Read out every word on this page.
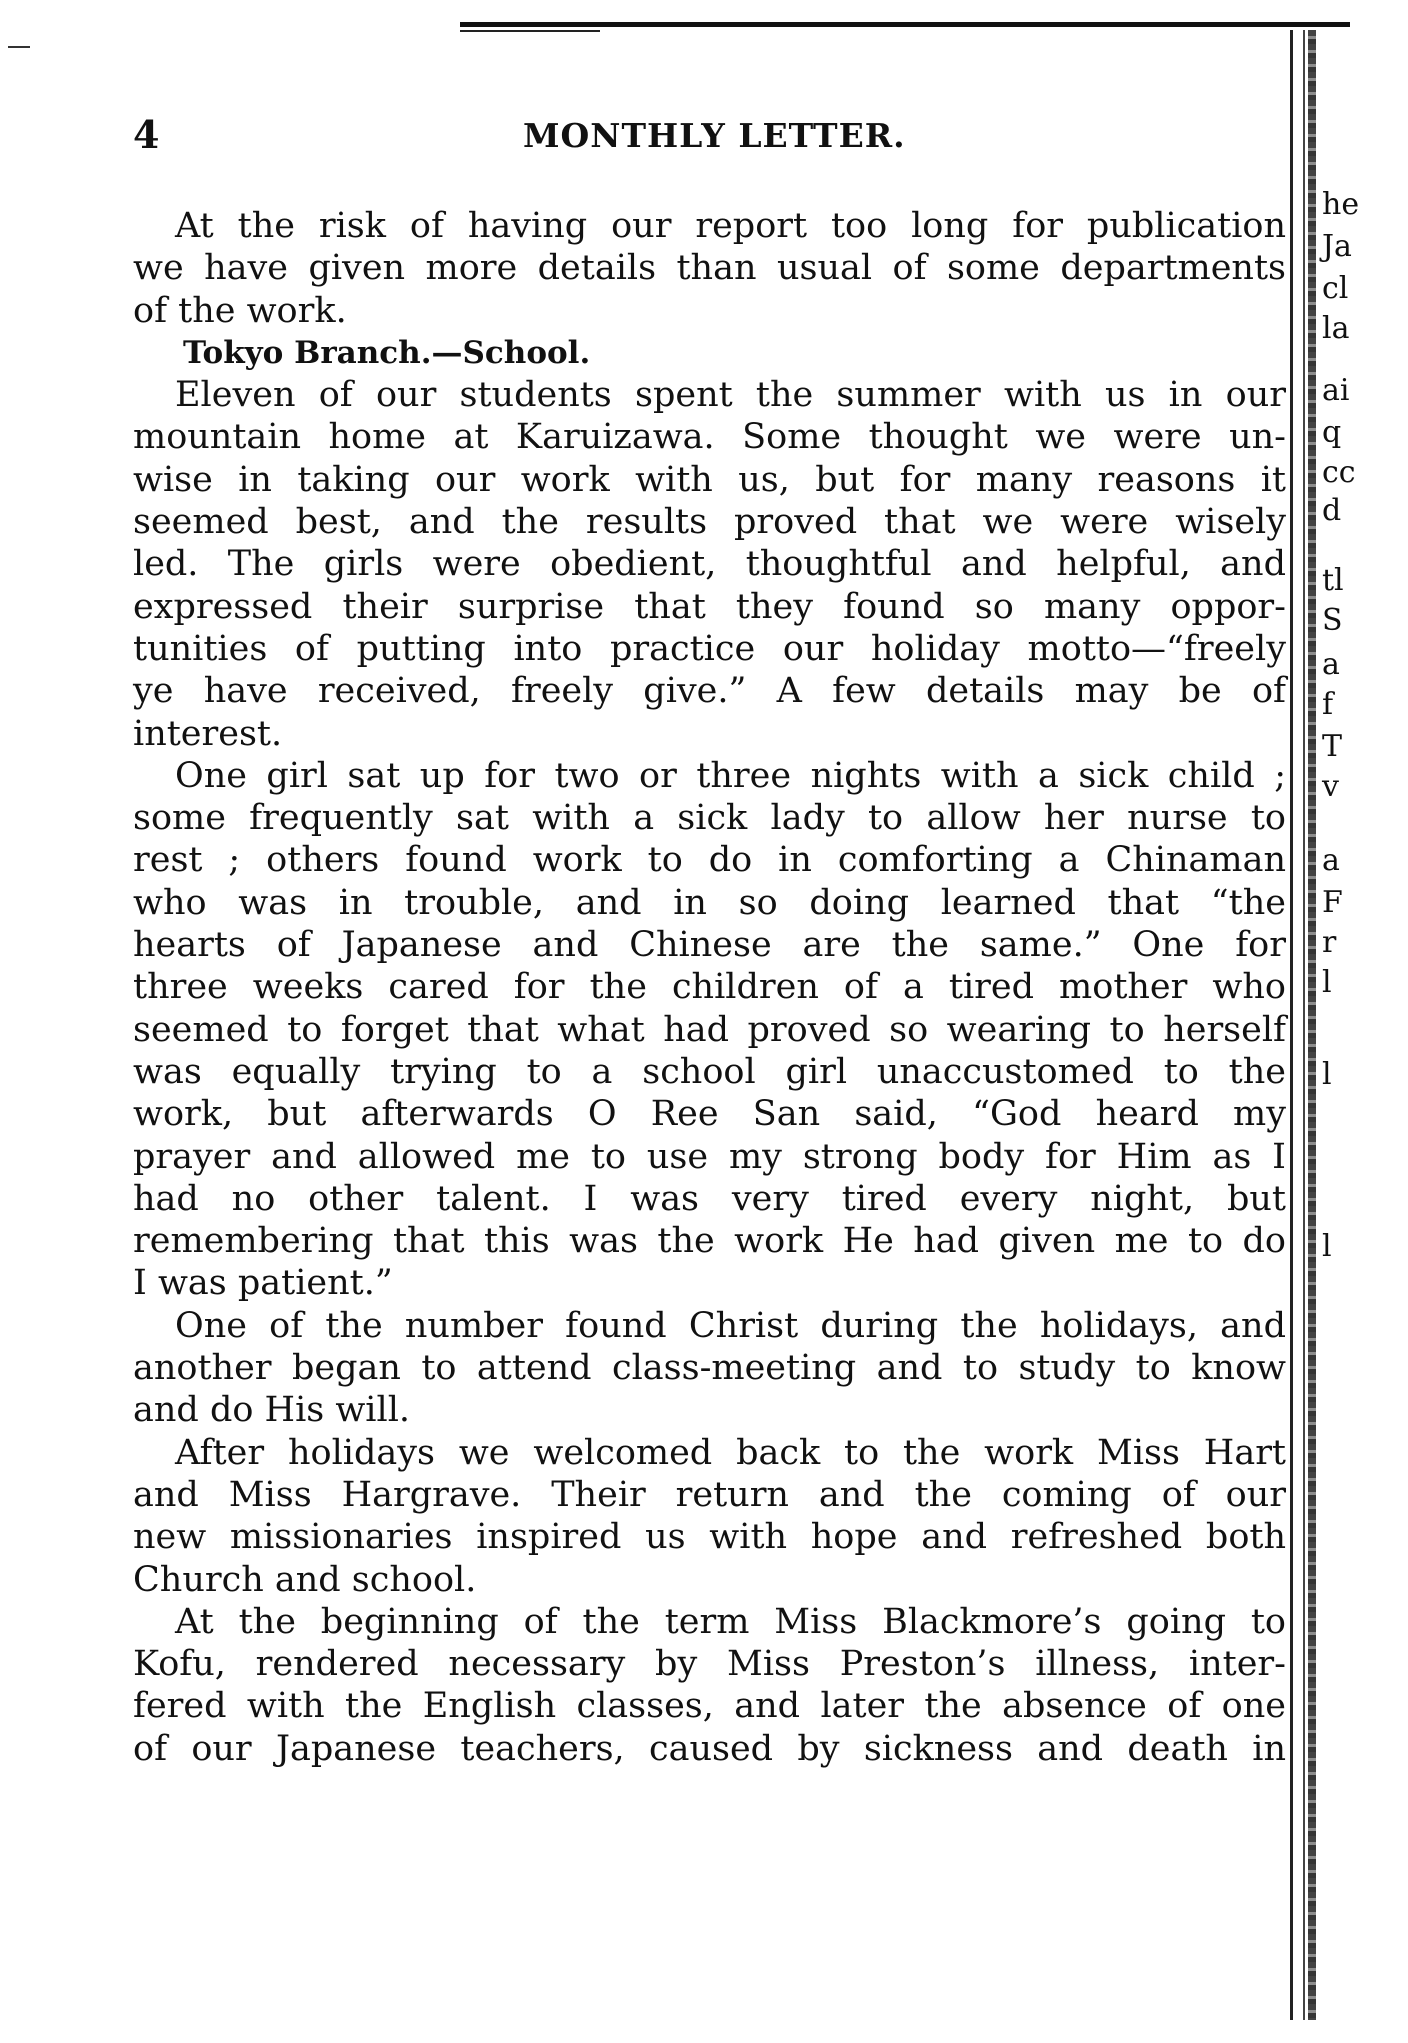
4	MONTHLY LETTER.

At the risk of having our report too long for publication
we have given more details than usual of some departments
of the work.

Tokyo Branch.—School.

Eleven of our students spent the summer with us in our
mountain home at Karuizawa. Some thought we were un-
wise in taking our work with us, but for many reasons it
seemed best, and the results proved that we were wisely
led. The girls were obedient, thoughtful and helpful, and
expressed their surprise that they found so many oppor-
tunities of putting into practice our holiday motto—“freely
ye have received, freely give.” A few details may be of
interest.

One girl sat up for two or three nights with a sick child ;
some frequently sat with a sick lady to allow her nurse to
rest ; others found work to do in comforting a Chinaman
who was in trouble, and in so doing learned that “the
hearts of Japanese and Chinese are the same.” One for
three weeks cared for the children of a tired mother who
seemed to forget that what had proved so wearing to herself
was equally trying to a school girl unaccustomed to the
work, but afterwards O Ree San said, “God heard my
prayer and allowed me to use my strong body for Him as I
had no other talent. I was very tired every night, but
remembering that this was the work He had given me to do
I was patient.”

One of the number found Christ during the holidays, and
another began to attend class-meeting and to study to know
and do His will.

After holidays we welcomed back to the work Miss Hart
and Miss Hargrave. Their return and the coming of our
new missionaries inspired us with hope and refreshed both
Church and school.

At the beginning of the term Miss Blackmore’s going to
Kofu, rendered necessary by Miss Preston’s illness, inter-
fered with the English classes, and later the absence of one
of our Japanese teachers, caused by sickness and death in

he
Ja
cl
la
ai
q
cc
d
tl
S
a
f
T
v
a
F
r
l
l
l
